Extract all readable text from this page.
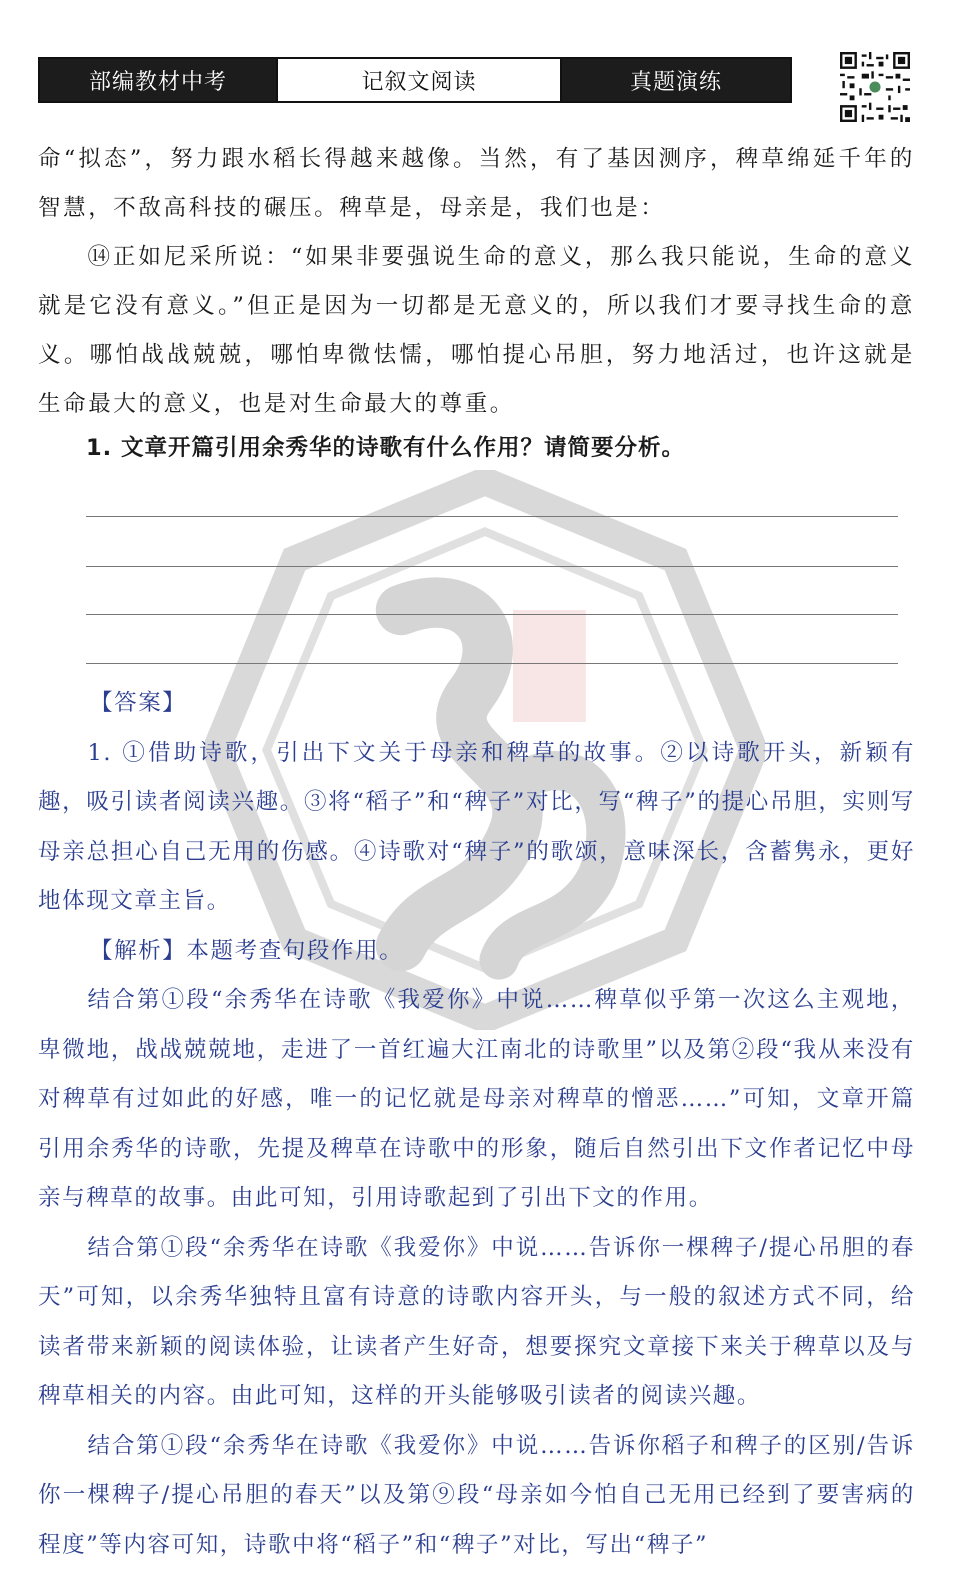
部编教材中考	记叙文阅读	真题演练

命“拟态”，努力跟水稻长得越来越像。当然，有了基因测序，稗草绵延千年的智慧，不敌高科技的碾压。稗草是，母亲是，我们也是：

⑭正如尼采所说：“如果非要强说生命的意义，那么我只能说，生命的意义就是它没有意义。”但正是因为一切都是无意义的，所以我们才要寻找生命的意义。哪怕战战兢兢，哪怕卑微怯懦，哪怕提心吊胆，努力地活过，也许这就是生命最大的意义，也是对生命最大的尊重。

1. 文章开篇引用余秀华的诗歌有什么作用？请简要分析。

【答案】

1. ①借助诗歌，引出下文关于母亲和稗草的故事。②以诗歌开头，新颖有趣，吸引读者阅读兴趣。③将“稻子”和“稗子”对比，写“稗子”的提心吊胆，实则写母亲总担心自己无用的伤感。④诗歌对“稗子”的歌颂，意味深长，含蓄隽永，更好地体现文章主旨。

【解析】本题考查句段作用。

结合第①段“余秀华在诗歌《我爱你》中说……稗草似乎第一次这么主观地，卑微地，战战兢兢地，走进了一首红遍大江南北的诗歌里”以及第②段“我从来没有对稗草有过如此的好感，唯一的记忆就是母亲对稗草的憎恶……”可知，文章开篇引用余秀华的诗歌，先提及稗草在诗歌中的形象，随后自然引出下文作者记忆中母亲与稗草的故事。由此可知，引用诗歌起到了引出下文的作用。

结合第①段“余秀华在诗歌《我爱你》中说……告诉你一棵稗子/提心吊胆的春天”可知，以余秀华独特且富有诗意的诗歌内容开头，与一般的叙述方式不同，给读者带来新颖的阅读体验，让读者产生好奇，想要探究文章接下来关于稗草以及与稗草相关的内容。由此可知，这样的开头能够吸引读者的阅读兴趣。

结合第①段“余秀华在诗歌《我爱你》中说……告诉你稻子和稗子的区别/告诉你一棵稗子/提心吊胆的春天”以及第⑨段“母亲如今怕自己无用已经到了要害病的程度”等内容可知，诗歌中将“稻子”和“稗子”对比，写出“稗子”
